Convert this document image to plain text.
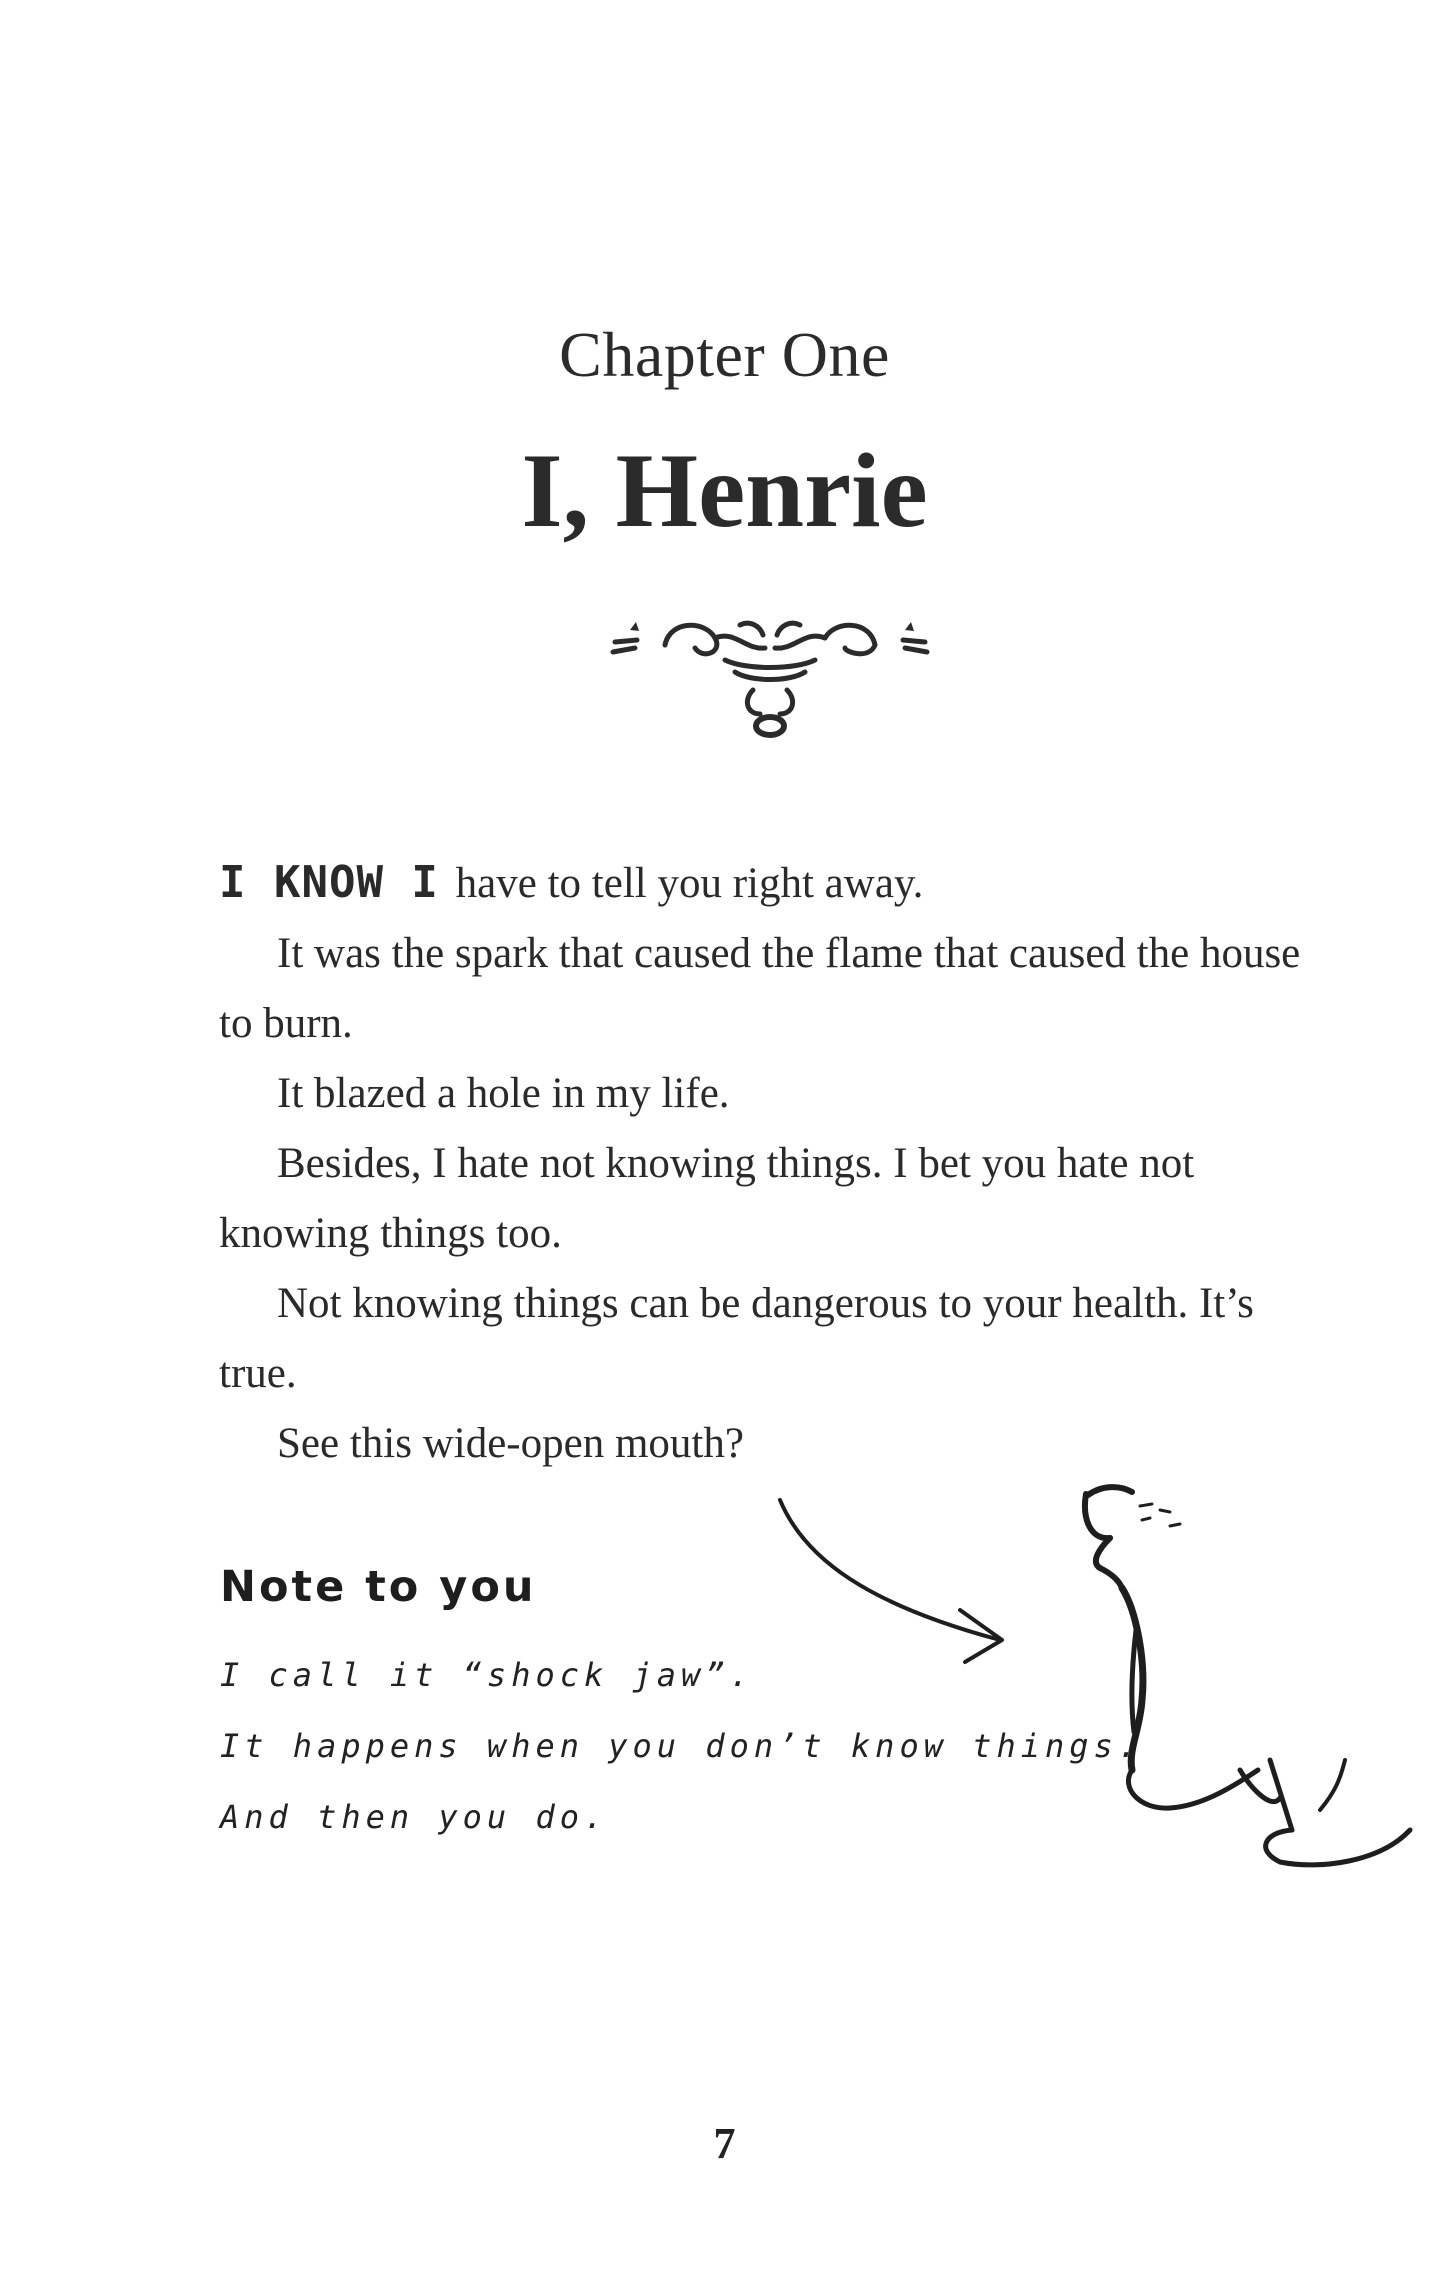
Chapter One
I, Henrie

I KNOW I have to tell you right away.

It was the spark that caused the flame that caused the house to burn.

It blazed a hole in my life.

Besides, I hate not knowing things. I bet you hate not knowing things too.

Not knowing things can be dangerous to your health. It’s true.

See this wide-open mouth?

Note to you
I call it “shock jaw”.
It happens when you don’t know things.
And then you do.
7
